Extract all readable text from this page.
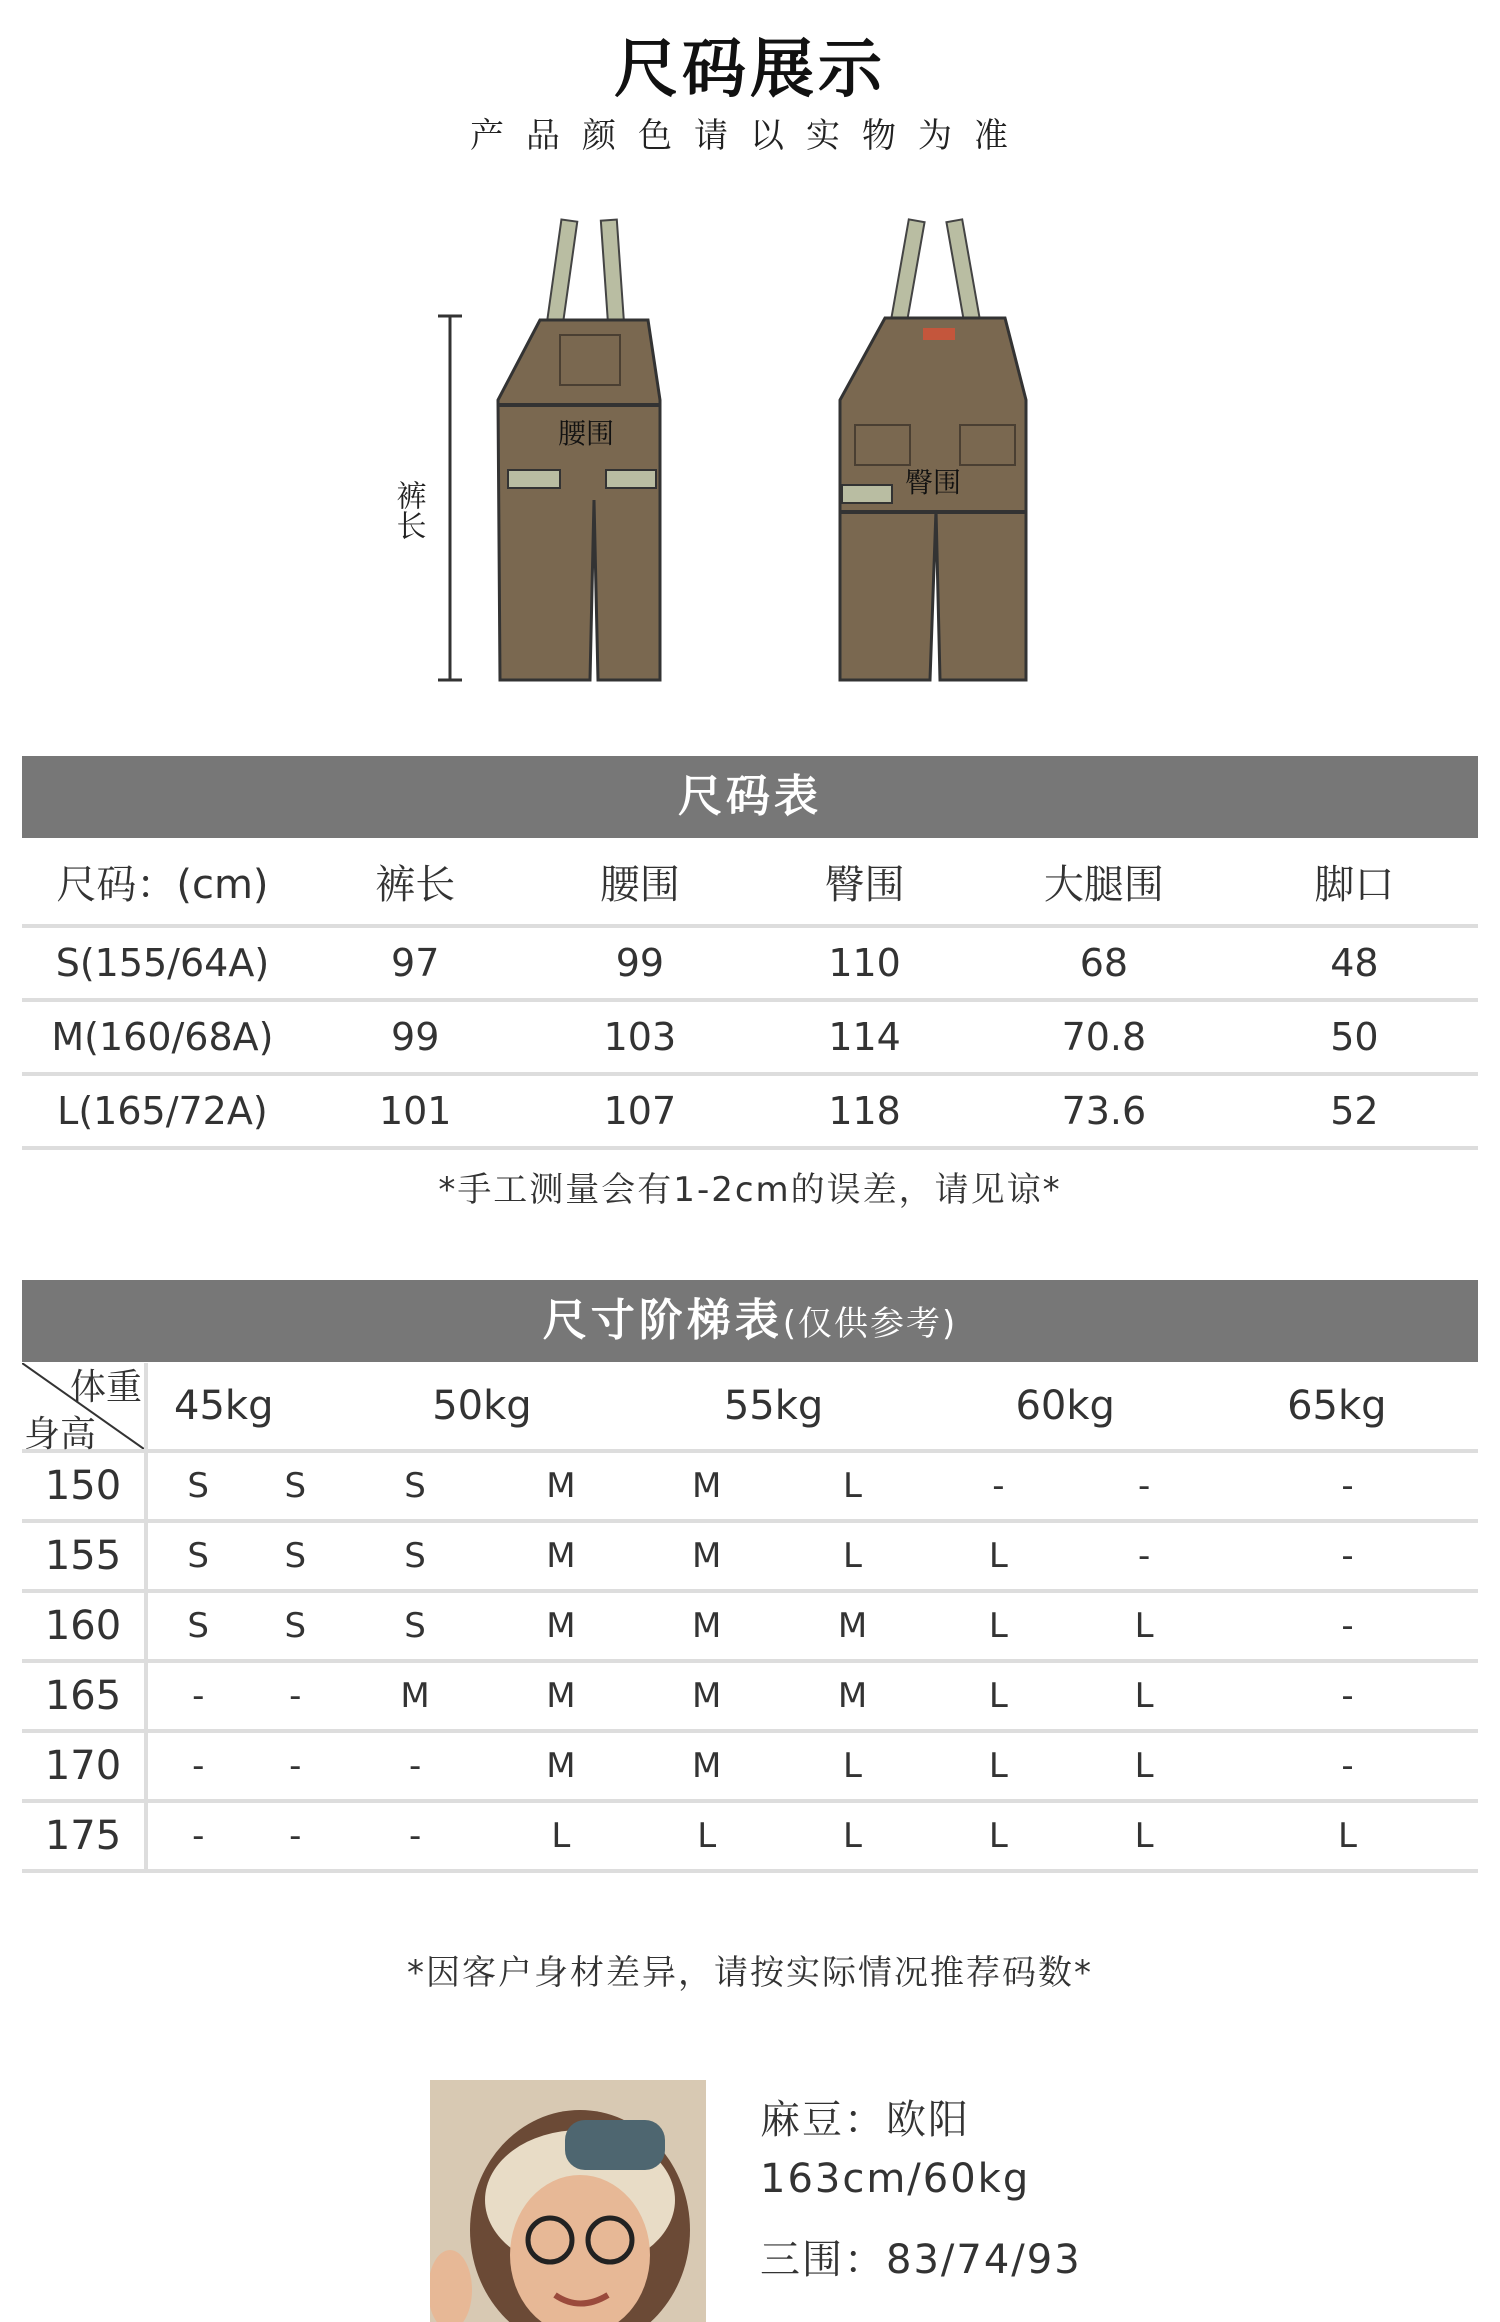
尺码展示
产品颜色请以实物为准
裤长
腰围
臀围
尺码表
尺码：(cm)	裤长	腰围	臀围	大腿围	脚口
S(155/64A)	97	99	110	68	48
M(160/68A)	99	103	114	70.8	50
L(165/72A)	101	107	118	73.6	52
*手工测量会有1-2cm的误差，请见谅*
尺寸阶梯表(仅供参考)
体重
身高	45kg		50kg		55kg		60kg		65kg
150	S	S	S	M	M	L	-	-	-
155	S	S	S	M	M	L	L	-	-
160	S	S	S	M	M	M	L	L	-
165	-	-	M	M	M	M	L	L	-
170	-	-	-	M	M	L	L	L	-
175	-	-	-	L	L	L	L	L	L
*因客户身材差异，请按实际情况推荐码数*
麻豆：欧阳
163cm/60kg
三围：83/74/93
